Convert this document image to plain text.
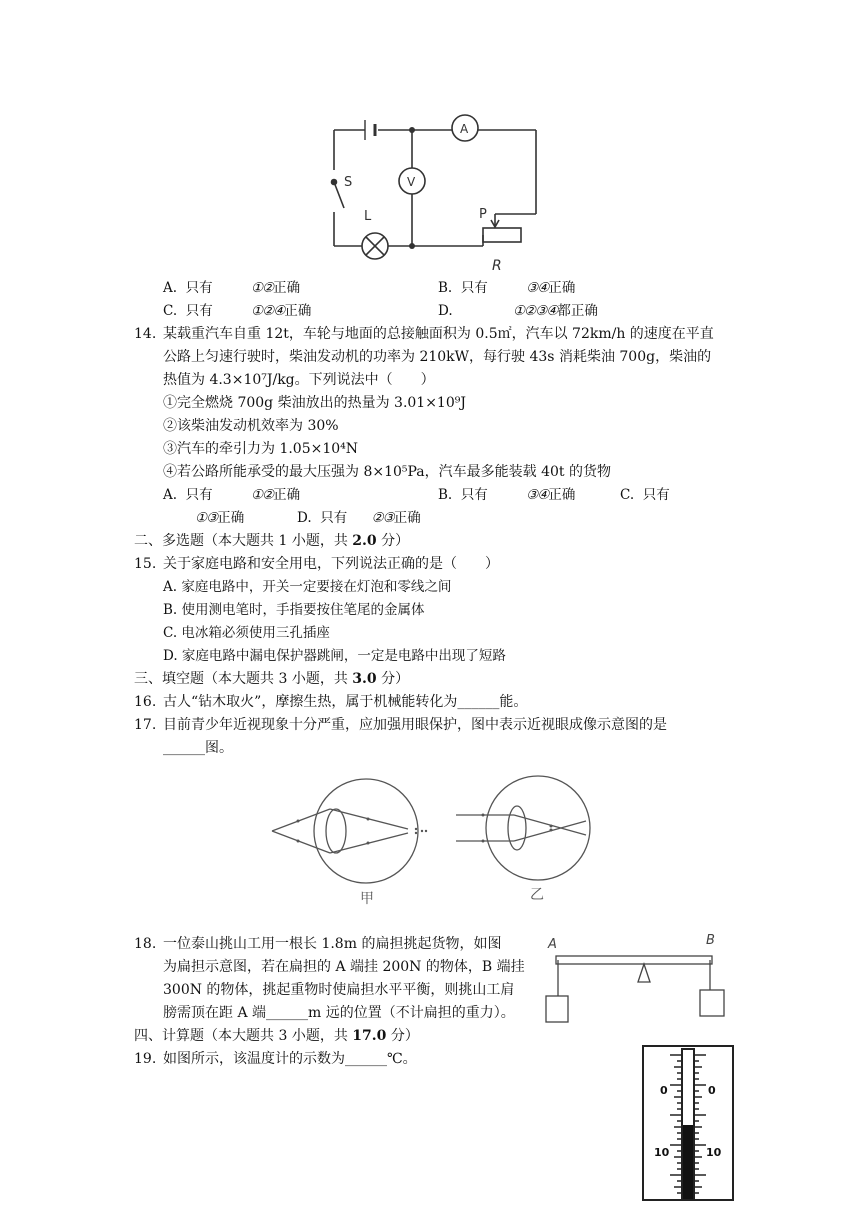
A
V
S
L	P
R
A. 只有	①②正确	B. 只有	③④正确
C. 只有	①②④正确	D.	①②③④都正确
14. 某载重汽车自重 12t，车轮与地面的总接触面积为 0.5㎡，汽车以 72km/h 的速度在平直
公路上匀速行驶时，柴油发动机的功率为 210kW，每行驶 43s 消耗柴油 700g，柴油的
热值为 4.3×10⁷J/kg。下列说法中（　　）
①完全燃烧 700g 柴油放出的热量为 3.01×10⁹J
②该柴油发动机效率为 30%
③汽车的牵引力为 1.05×10⁴N
④若公路所能承受的最大压强为 8×10⁵Pa，汽车最多能装载 40t 的货物
A. 只有	①②正确	B. 只有	③④正确	C. 只有
①③正确	D. 只有 ②③正确
二、多选题（本大题共 1 小题，共 2.0 分）
15. 关于家庭电路和安全用电，下列说法正确的是（　　）
A. 家庭电路中，开关一定要接在灯泡和零线之间
B. 使用测电笔时，手指要按住笔尾的金属体
C. 电冰箱必须使用三孔插座
D. 家庭电路中漏电保护器跳闸，一定是电路中出现了短路
三、填空题（本大题共 3 小题，共 3.0 分）
16. 古人“钻木取火”，摩擦生热，属于机械能转化为______能。
17. 目前青少年近视现象十分严重，应加强用眼保护，图中表示近视眼成像示意图的是
______图。
甲	乙
18. 一位泰山挑山工用一根长 1.8m 的扁担挑起货物，如图
为扁担示意图，若在扁担的 A 端挂 200N 的物体，B 端挂
300N 的物体，挑起重物时使扁担水平平衡，则挑山工肩
膀需顶在距 A 端______m 远的位置（不计扁担的重力）。
A	B
四、计算题（本大题共 3 小题，共 17.0 分）
19. 如图所示，该温度计的示数为______℃。
0	0
10	10
